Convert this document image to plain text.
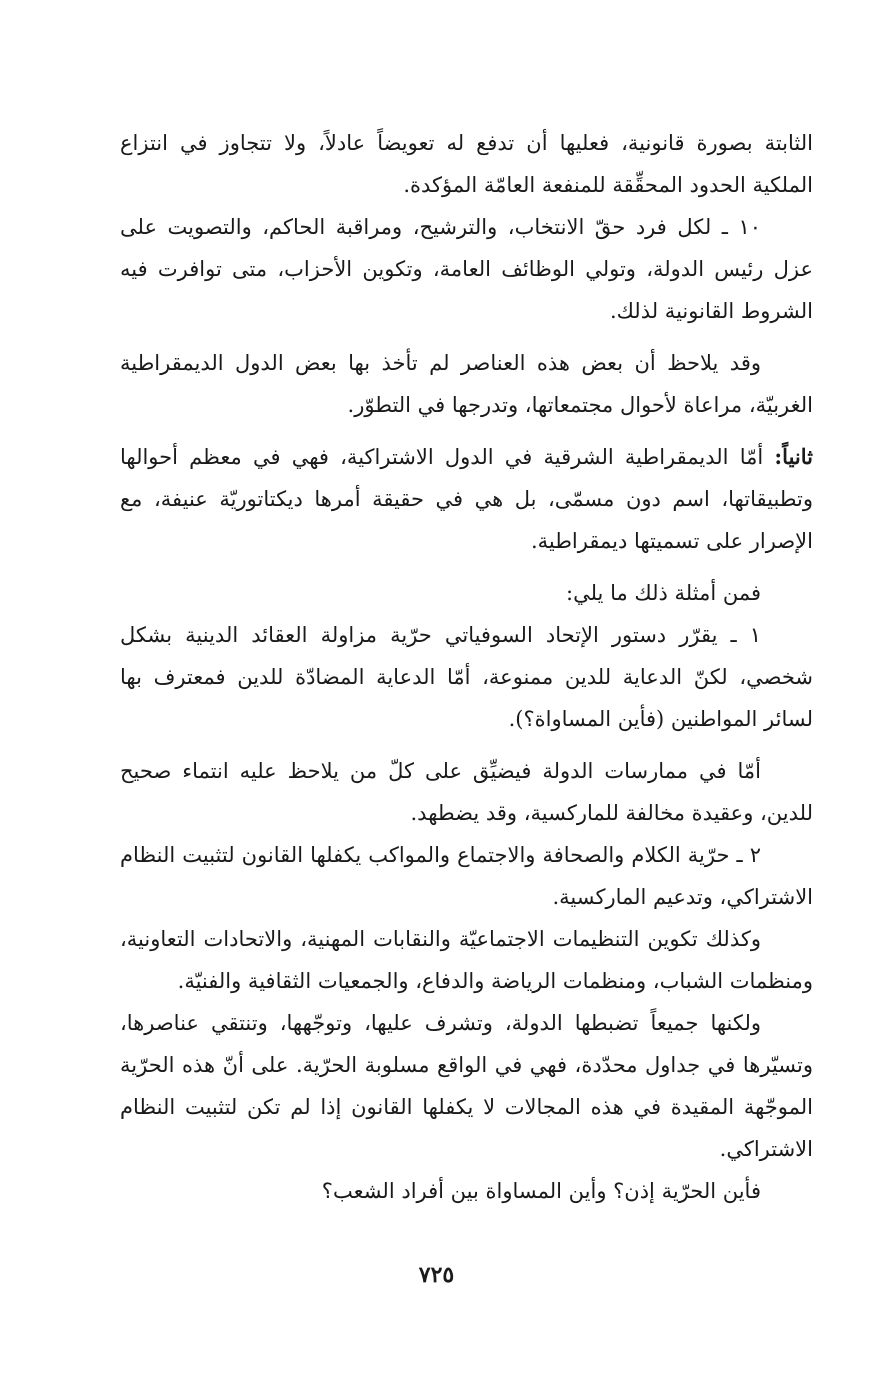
الثابتة بصورة قانونية، فعليها أن تدفع له تعويضاً عادلاً، ولا تتجاوز في انتزاع الملكية الحدود المحقِّقة للمنفعة العامّة المؤكدة.

١٠ ـ لكل فرد حقّ الانتخاب، والترشيح، ومراقبة الحاكم، والتصويت على عزل رئيس الدولة، وتولي الوظائف العامة، وتكوين الأحزاب، متى توافرت فيه الشروط القانونية لذلك.

وقد يلاحظ أن بعض هذه العناصر لم تأخذ بها بعض الدول الديمقراطية الغربيّة، مراعاة لأحوال مجتمعاتها، وتدرجها في التطوّر.

ثانياً: أمّا الديمقراطية الشرقية في الدول الاشتراكية، فهي في معظم أحوالها وتطبيقاتها، اسم دون مسمّى، بل هي في حقيقة أمرها ديكتاتوريّة عنيفة، مع الإصرار على تسميتها ديمقراطية.

فمن أمثلة ذلك ما يلي:

١ ـ يقرّر دستور الإتحاد السوفياتي حرّية مزاولة العقائد الدينية بشكل شخصي، لكنّ الدعاية للدين ممنوعة، أمّا الدعاية المضادّة للدين فمعترف بها لسائر المواطنين (فأين المساواة؟).

أمّا في ممارسات الدولة فيضيِّق على كلّ من يلاحظ عليه انتماء صحيح للدين، وعقيدة مخالفة للماركسية، وقد يضطهد.

٢ ـ حرّية الكلام والصحافة والاجتماع والمواكب يكفلها القانون لتثبيت النظام الاشتراكي، وتدعيم الماركسية.

وكذلك تكوين التنظيمات الاجتماعيّة والنقابات المهنية، والاتحادات التعاونية، ومنظمات الشباب، ومنظمات الرياضة والدفاع، والجمعيات الثقافية والفنيّة.

ولكنها جميعاً تضبطها الدولة، وتشرف عليها، وتوجّهها، وتنتقي عناصرها، وتسيّرها في جداول محدّدة، فهي في الواقع مسلوبة الحرّية. على أنّ هذه الحرّية الموجّهة المقيدة في هذه المجالات لا يكفلها القانون إذا لم تكن لتثبيت النظام الاشتراكي.

فأين الحرّية إذن؟ وأين المساواة بين أفراد الشعب؟

٧٢٥
